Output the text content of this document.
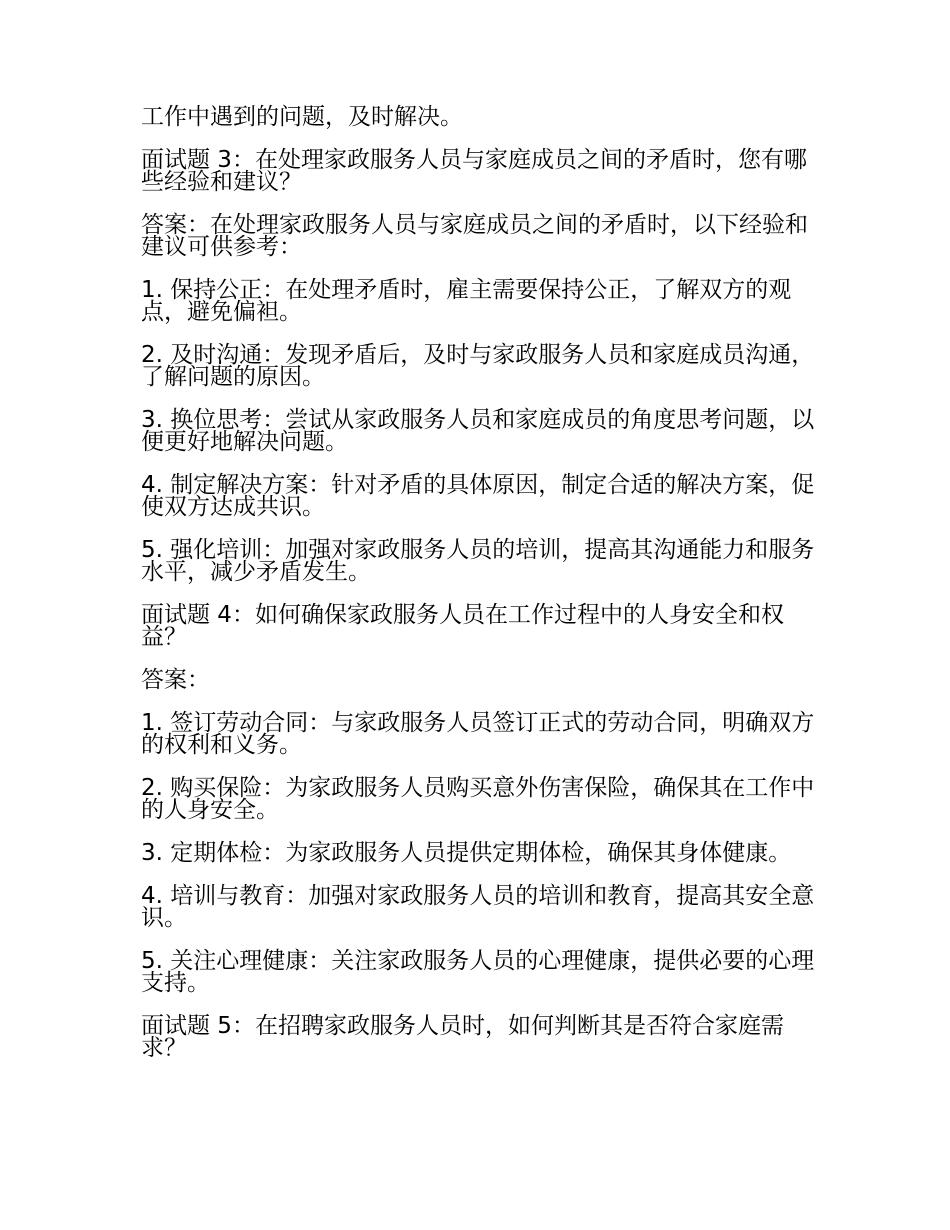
工作中遇到的问题，及时解决。

面试题 3：在处理家政服务人员与家庭成员之间的矛盾时，您有哪些经验和建议？

答案：在处理家政服务人员与家庭成员之间的矛盾时，以下经验和建议可供参考：

1. 保持公正：在处理矛盾时，雇主需要保持公正，了解双方的观点，避免偏袒。

2. 及时沟通：发现矛盾后，及时与家政服务人员和家庭成员沟通，了解问题的原因。

3. 换位思考：尝试从家政服务人员和家庭成员的角度思考问题，以便更好地解决问题。

4. 制定解决方案：针对矛盾的具体原因，制定合适的解决方案，促使双方达成共识。

5. 强化培训：加强对家政服务人员的培训，提高其沟通能力和服务水平，减少矛盾发生。

面试题 4：如何确保家政服务人员在工作过程中的人身安全和权益？

答案：

1. 签订劳动合同：与家政服务人员签订正式的劳动合同，明确双方的权利和义务。

2. 购买保险：为家政服务人员购买意外伤害保险，确保其在工作中的人身安全。

3. 定期体检：为家政服务人员提供定期体检，确保其身体健康。

4. 培训与教育：加强对家政服务人员的培训和教育，提高其安全意识。

5. 关注心理健康：关注家政服务人员的心理健康，提供必要的心理支持。

面试题 5：在招聘家政服务人员时，如何判断其是否符合家庭需求？
